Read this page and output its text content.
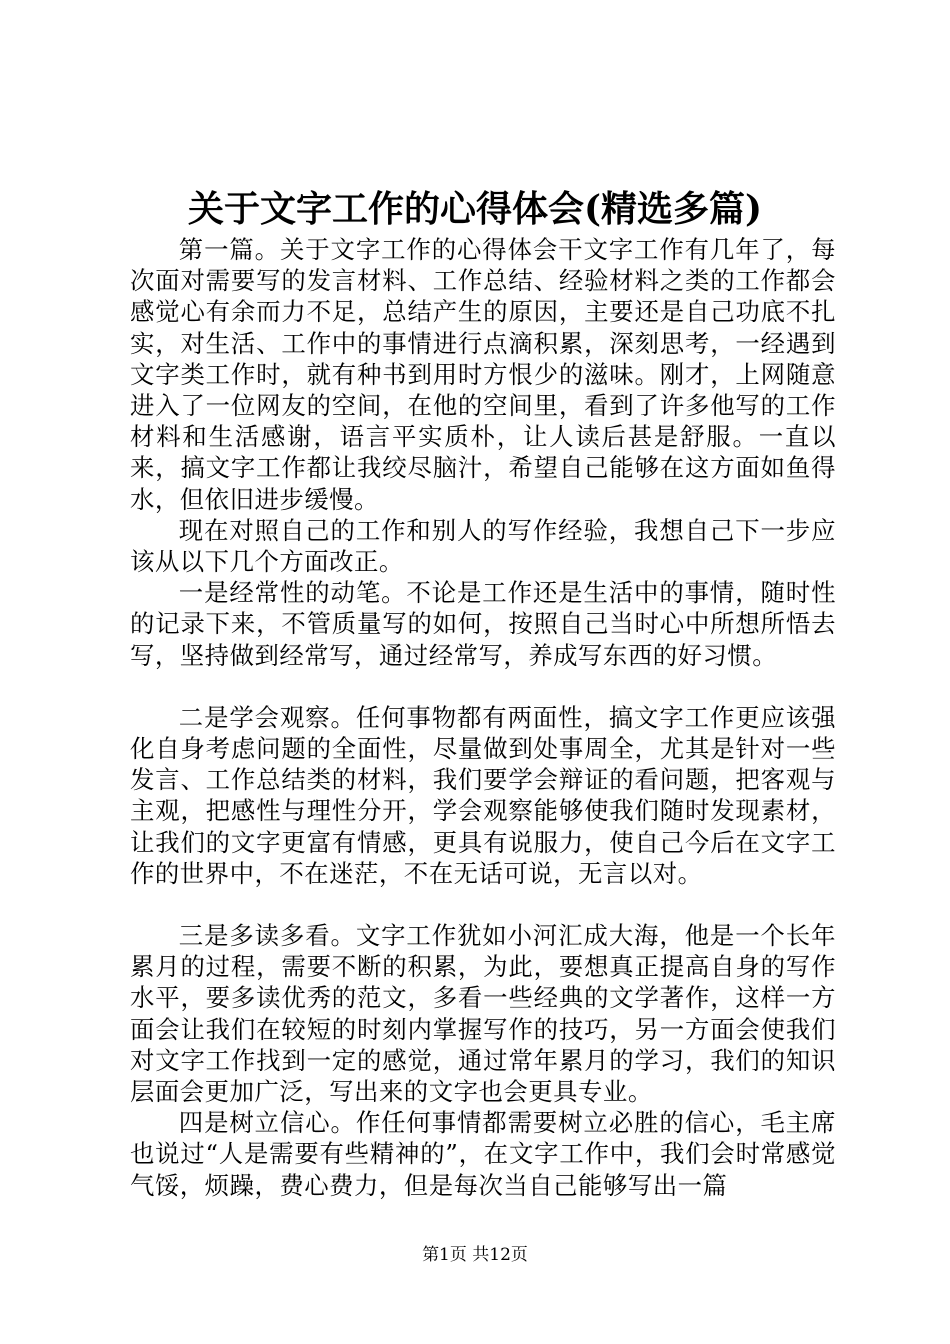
关于文字工作的心得体会(精选多篇)

第一篇。关于文字工作的心得体会干文字工作有几年了，每次面对需要写的发言材料、工作总结、经验材料之类的工作都会感觉心有余而力不足，总结产生的原因，主要还是自己功底不扎实，对生活、工作中的事情进行点滴积累，深刻思考，一经遇到文字类工作时，就有种书到用时方恨少的滋味。刚才，上网随意进入了一位网友的空间，在他的空间里，看到了许多他写的工作材料和生活感谢，语言平实质朴，让人读后甚是舒服。一直以来，搞文字工作都让我绞尽脑汁，希望自己能够在这方面如鱼得水，但依旧进步缓慢。

现在对照自己的工作和别人的写作经验，我想自己下一步应该从以下几个方面改正。

一是经常性的动笔。不论是工作还是生活中的事情，随时性的记录下来，不管质量写的如何，按照自己当时心中所想所悟去写，坚持做到经常写，通过经常写，养成写东西的好习惯。

二是学会观察。任何事物都有两面性，搞文字工作更应该强化自身考虑问题的全面性，尽量做到处事周全，尤其是针对一些发言、工作总结类的材料，我们要学会辩证的看问题，把客观与主观，把感性与理性分开，学会观察能够使我们随时发现素材，让我们的文字更富有情感，更具有说服力，使自己今后在文字工作的世界中，不在迷茫，不在无话可说，无言以对。

三是多读多看。文字工作犹如小河汇成大海，他是一个长年累月的过程，需要不断的积累，为此，要想真正提高自身的写作水平，要多读优秀的范文，多看一些经典的文学著作，这样一方面会让我们在较短的时刻内掌握写作的技巧，另一方面会使我们对文字工作找到一定的感觉，通过常年累月的学习，我们的知识层面会更加广泛，写出来的文字也会更具专业。

四是树立信心。作任何事情都需要树立必胜的信心，毛主席也说过“人是需要有些精神的”，在文字工作中，我们会时常感觉气馁，烦躁，费心费力，但是每次当自己能够写出一篇

第1页 共12页
